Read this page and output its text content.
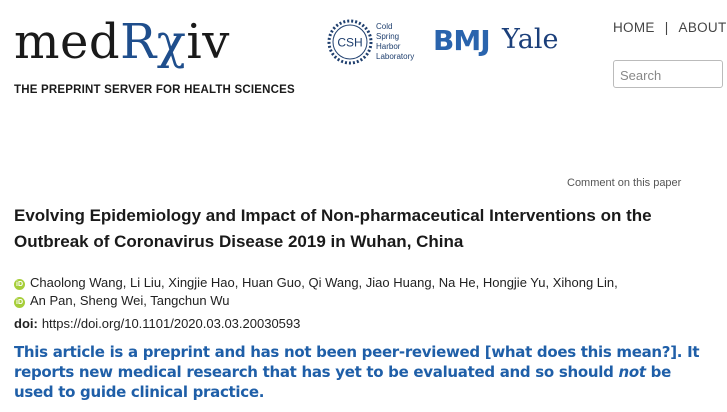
medRχiv
THE PREPRINT SERVER FOR HEALTH SCIENCES
CSH
Cold
Spring
Harbor
Laboratory BMJ Yale	HOME | ABOUT
Search
Comment on this paper
Evolving Epidemiology and Impact of Non-pharmaceutical Interventions on the Outbreak of Coronavirus Disease 2019 in Wuhan, China
iD Chaolong Wang, Li Liu, Xingjie Hao, Huan Guo, Qi Wang, Jiao Huang, Na He, Hongjie Yu, Xihong Lin,
iD An Pan, Sheng Wei, Tangchun Wu
doi: https://doi.org/10.1101/2020.03.03.20030593
This article is a preprint and has not been peer-reviewed [what does this mean?]. It reports new medical research that has yet to be evaluated and so should not be used to guide clinical practice.
